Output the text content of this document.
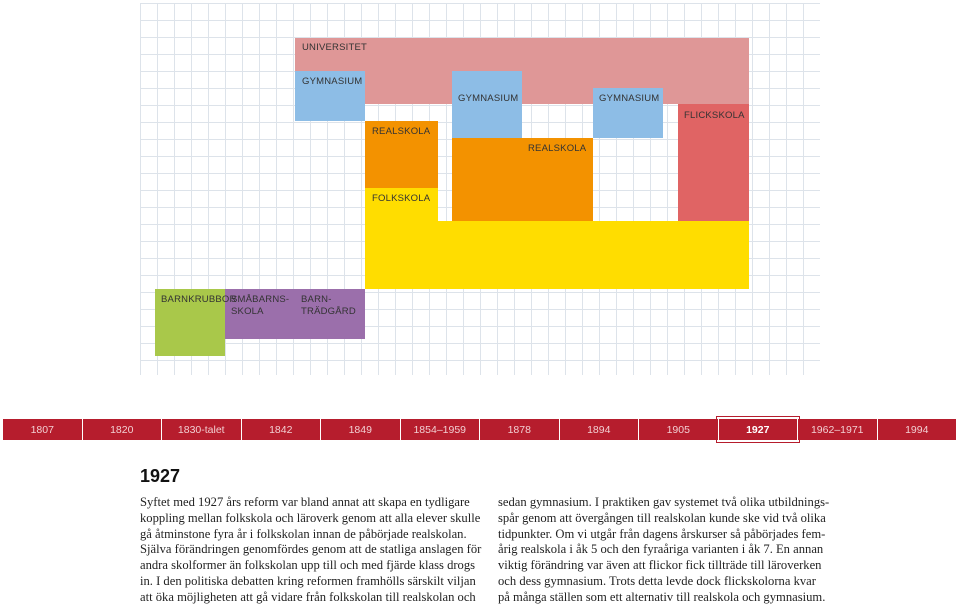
UNIVERSITET
GYMNASIUM
GYMNASIUM	GYMNASIUM
FLICKSKOLA
REALSKOLA
REALSKOLA
FOLKSKOLA
BARNKRUBBOR
SMÅBARNS-
SKOLA
BARN-
TRÄDGÅRD
1807	1820	1830-talet	1842	1849	1854–1959	1878	1894	1905	1927	1962–1971	1994
1927
Syftet med 1927 års reform var bland annat att skapa en tydligare
koppling mellan folkskola och läroverk genom att alla elever skulle
gå åtminstone fyra år i folkskolan innan de påbörjade realskolan.
Själva förändringen genomfördes genom att de statliga anslagen för
andra skolformer än folkskolan upp till och med fjärde klass drogs
in. I den politiska debatten kring reformen framhölls särskilt viljan
att öka möjligheten att gå vidare från folkskolan till realskolan och
sedan gymnasium. I praktiken gav systemet två olika utbildnings-
spår genom att övergången till realskolan kunde ske vid två olika
tidpunkter. Om vi utgår från dagens årskurser så påbörjades fem-
årig realskola i åk 5 och den fyraåriga varianten i åk 7. En annan
viktig förändring var även att flickor fick tillträde till läroverken
och dess gymnasium. Trots detta levde dock flickskolorna kvar
på många ställen som ett alternativ till realskola och gymnasium.
